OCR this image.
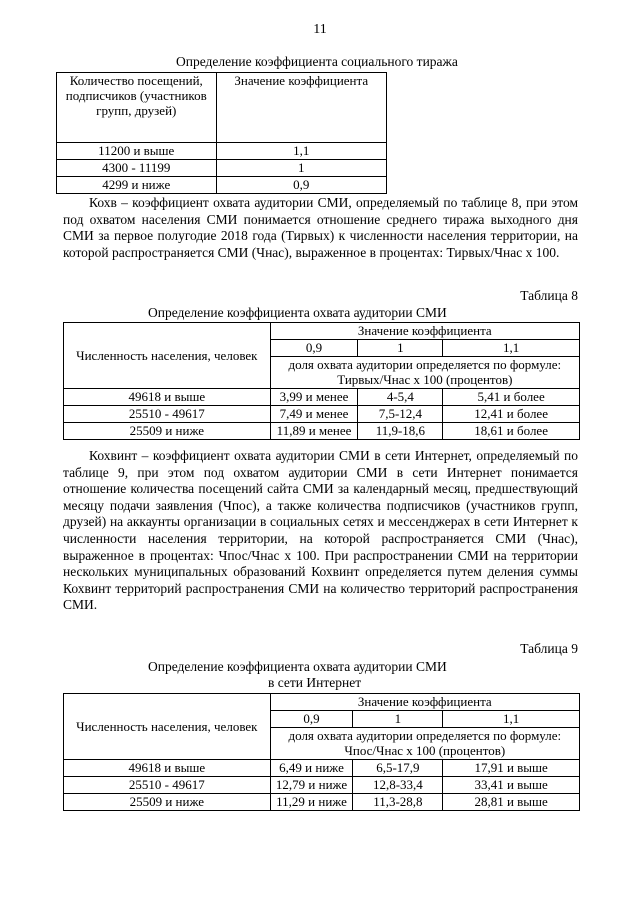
11
Определение коэффициента социального тиража
Количество посещений, подписчиков (участников групп, друзей)	Значение коэффициента
11200 и выше	1,1
4300 - 11199	1
4299 и ниже	0,9

Кохв – коэффициент охвата аудитории СМИ, определяемый по таблице 8, при этом под охватом населения СМИ понимается отношение среднего тиража выходного дня СМИ за первое полугодие 2018 года (Тирвых) к численности населения территории, на которой распространяется СМИ (Чнас), выраженное в процентах: Тирвых/Чнас х 100.

Таблица 8
Определение коэффициента охвата аудитории СМИ
Численность населения, человек	Значение коэффициента		
	0,9	1	1,1
	доля охвата аудитории определяется по формуле: Тирвых/Чнас х 100 (процентов)		
49618 и выше	3,99 и менее	4-5,4	5,41 и более
25510 - 49617	7,49 и менее	7,5-12,4	12,41 и более
25509 и ниже	11,89 и менее	11,9-18,6	18,61 и более

Кохвинт – коэффициент охвата аудитории СМИ в сети Интернет, определяемый по таблице 9, при этом под охватом аудитории СМИ в сети Интернет понимается отношение количества посещений сайта СМИ за календарный месяц, предшествующий месяцу подачи заявления (Чпос), а также количества подписчиков (участников групп, друзей) на аккаунты организации в социальных сетях и мессенджерах в сети Интернет к численности населения территории, на которой распространяется СМИ (Чнас), выраженное в процентах: Чпос/Чнас х 100. При распространении СМИ на территории нескольких муниципальных образований Кохвинт определяется путем деления суммы Кохвинт территорий распространения СМИ на количество территорий распространения СМИ.

Таблица 9
Определение коэффициента охвата аудитории СМИ
в сети Интернет
Численность населения, человек	Значение коэффициента		
	0,9	1	1,1
	доля охвата аудитории определяется по формуле: Чпос/Чнас х 100 (процентов)		
49618 и выше	6,49 и ниже	6,5-17,9	17,91 и выше
25510 - 49617	12,79 и ниже	12,8-33,4	33,41 и выше
25509 и ниже	11,29 и ниже	11,3-28,8	28,81 и выше
